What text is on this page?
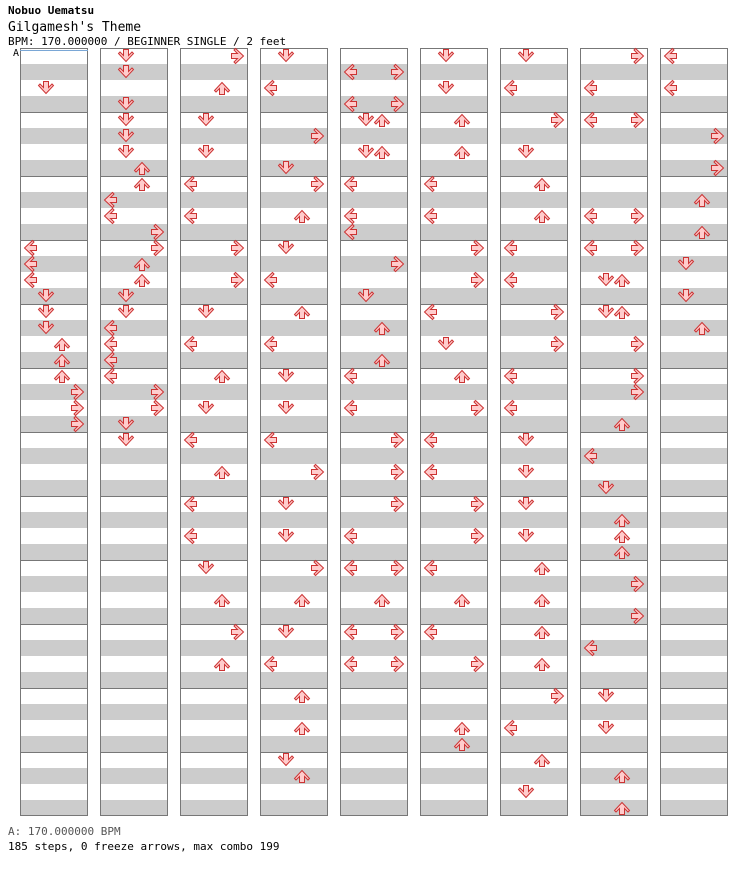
Nobuo Uematsu
Gilgamesh's Theme
BPM: 170.000000 / BEGINNER SINGLE / 2 feet
A
A: 170.000000 BPM
185 steps, 0 freeze arrows, max combo 199
